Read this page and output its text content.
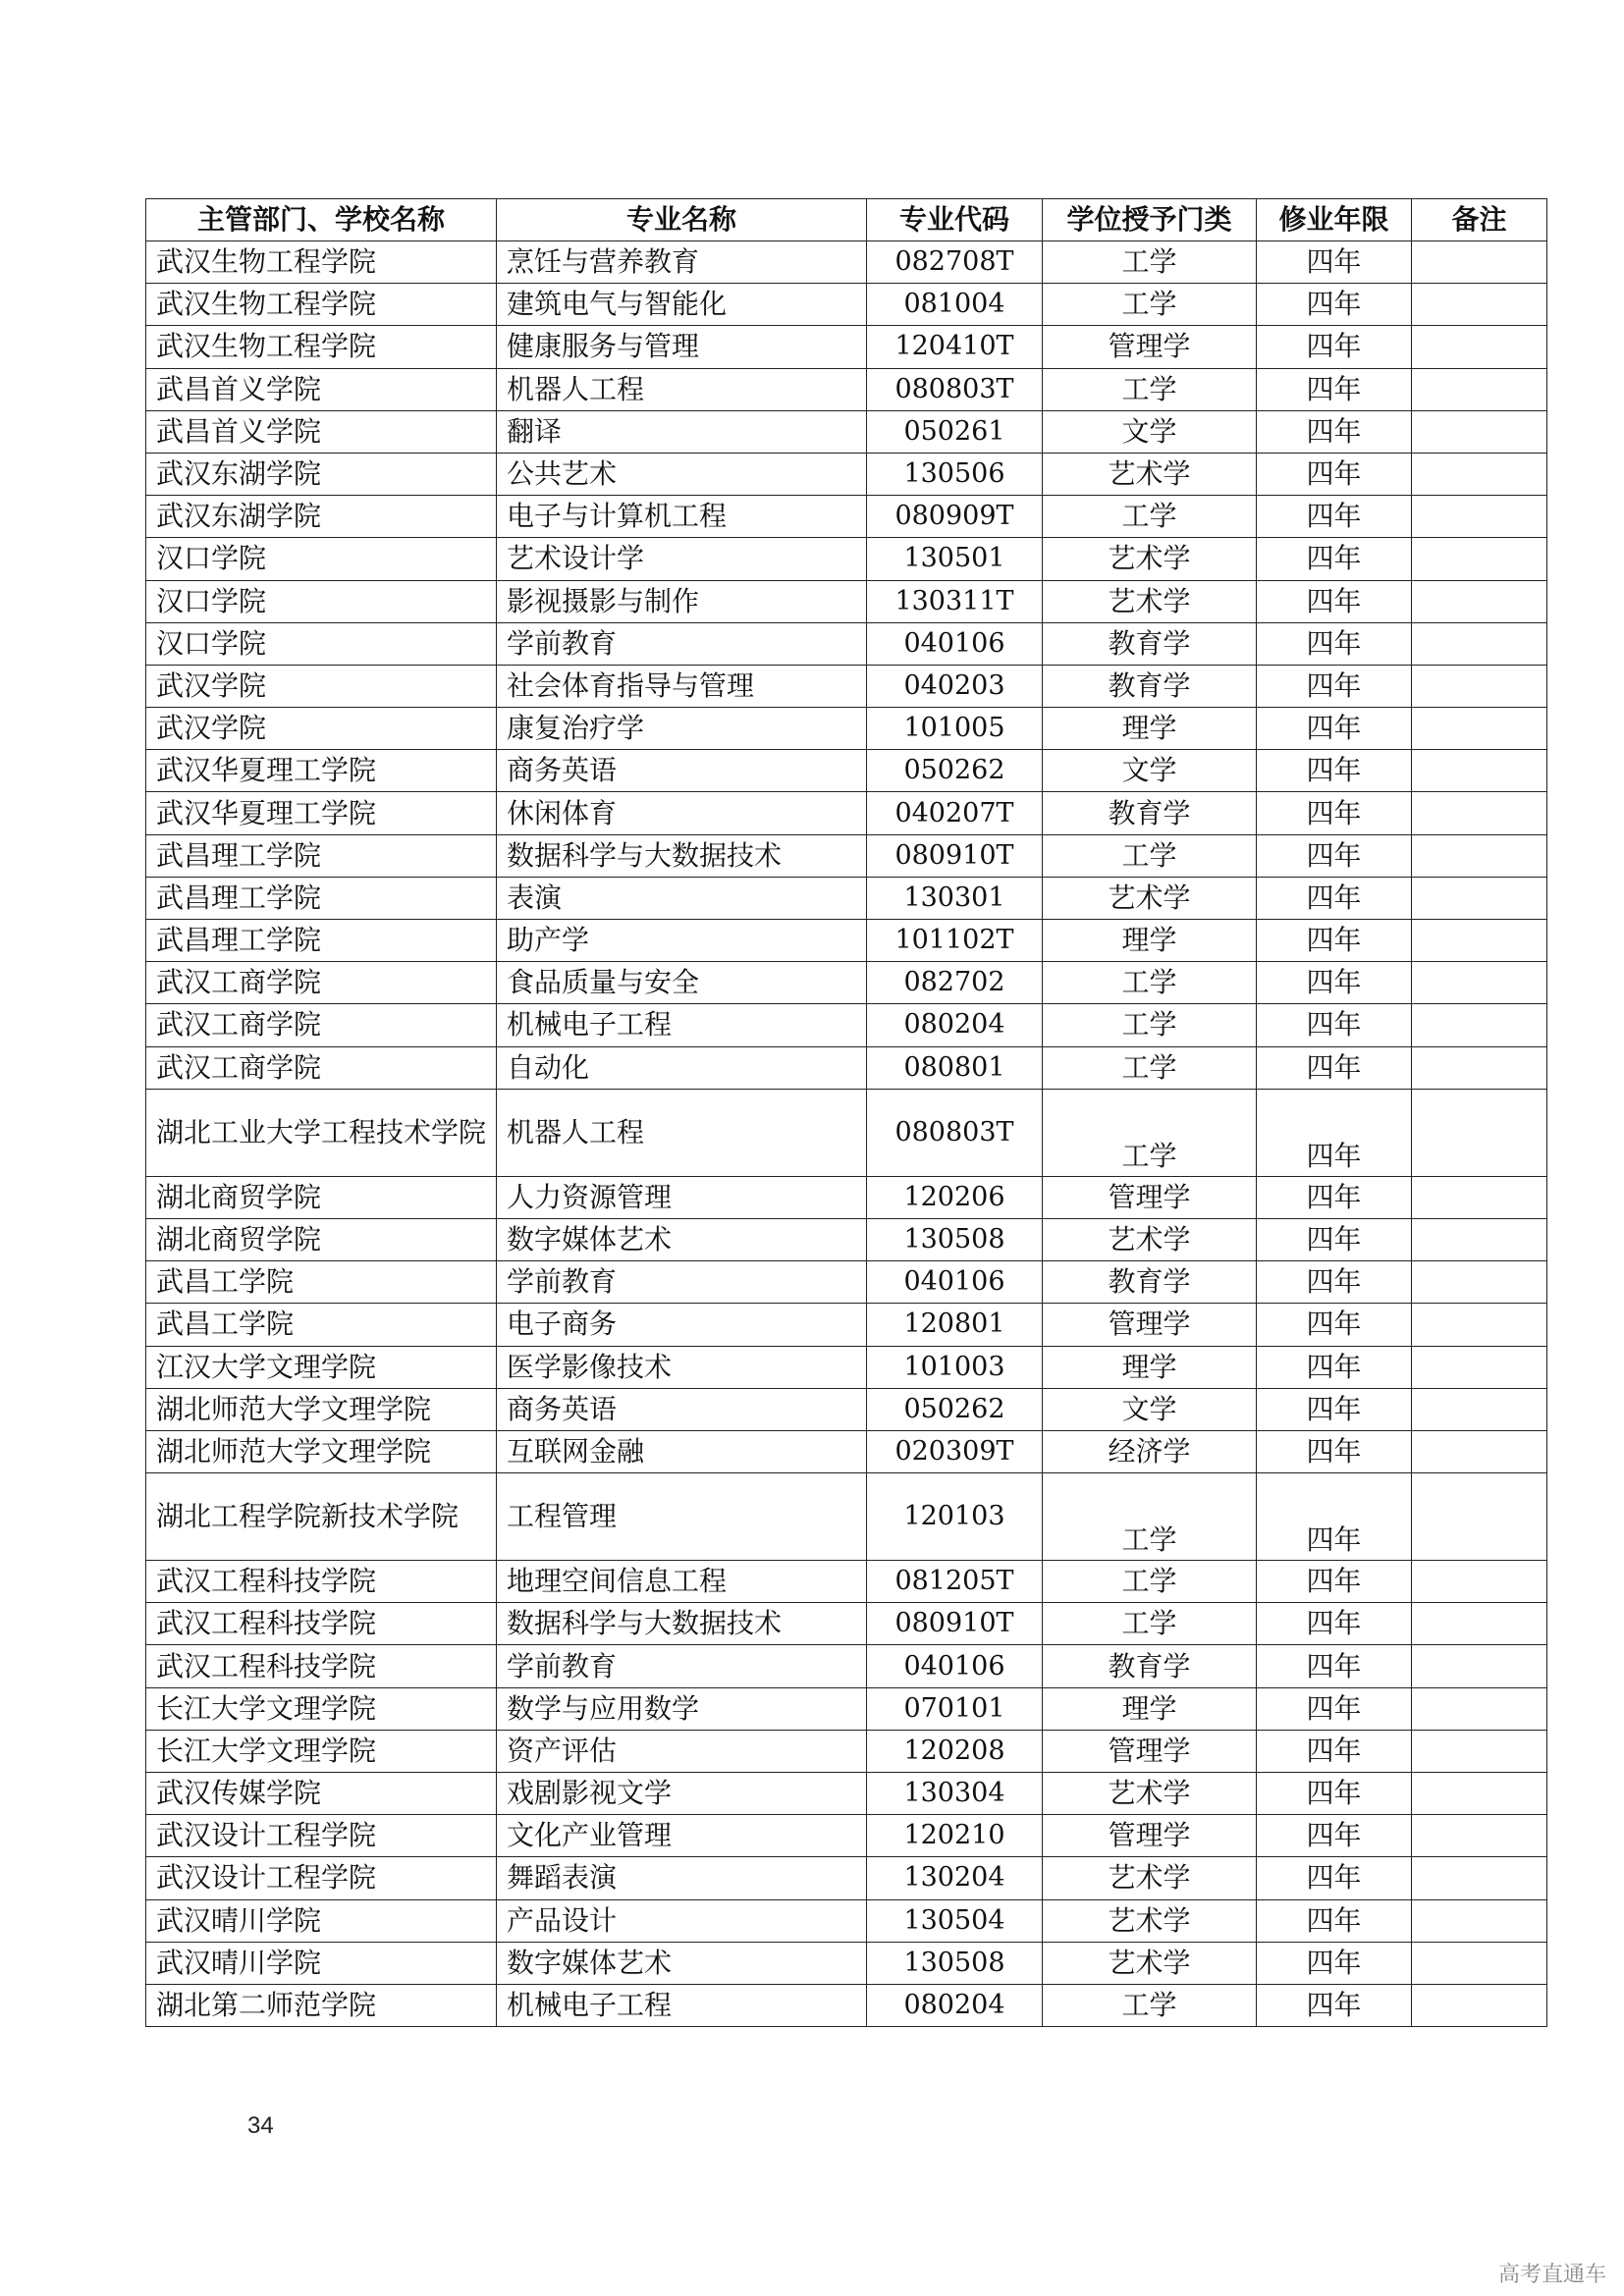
主管部门、学校名称	专业名称	专业代码	学位授予门类	修业年限	备注
武汉生物工程学院	烹饪与营养教育	082708T	工学	四年	
武汉生物工程学院	建筑电气与智能化	081004	工学	四年	
武汉生物工程学院	健康服务与管理	120410T	管理学	四年	
武昌首义学院	机器人工程	080803T	工学	四年	
武昌首义学院	翻译	050261	文学	四年	
武汉东湖学院	公共艺术	130506	艺术学	四年	
武汉东湖学院	电子与计算机工程	080909T	工学	四年	
汉口学院	艺术设计学	130501	艺术学	四年	
汉口学院	影视摄影与制作	130311T	艺术学	四年	
汉口学院	学前教育	040106	教育学	四年	
武汉学院	社会体育指导与管理	040203	教育学	四年	
武汉学院	康复治疗学	101005	理学	四年	
武汉华夏理工学院	商务英语	050262	文学	四年	
武汉华夏理工学院	休闲体育	040207T	教育学	四年	
武昌理工学院	数据科学与大数据技术	080910T	工学	四年	
武昌理工学院	表演	130301	艺术学	四年	
武昌理工学院	助产学	101102T	理学	四年	
武汉工商学院	食品质量与安全	082702	工学	四年	
武汉工商学院	机械电子工程	080204	工学	四年	
武汉工商学院	自动化	080801	工学	四年	
湖北工业大学工程技术学院	机器人工程	080803T	工学	四年	
湖北商贸学院	人力资源管理	120206	管理学	四年	
湖北商贸学院	数字媒体艺术	130508	艺术学	四年	
武昌工学院	学前教育	040106	教育学	四年	
武昌工学院	电子商务	120801	管理学	四年	
江汉大学文理学院	医学影像技术	101003	理学	四年	
湖北师范大学文理学院	商务英语	050262	文学	四年	
湖北师范大学文理学院	互联网金融	020309T	经济学	四年	
湖北工程学院新技术学院	工程管理	120103	工学	四年	
武汉工程科技学院	地理空间信息工程	081205T	工学	四年	
武汉工程科技学院	数据科学与大数据技术	080910T	工学	四年	
武汉工程科技学院	学前教育	040106	教育学	四年	
长江大学文理学院	数学与应用数学	070101	理学	四年	
长江大学文理学院	资产评估	120208	管理学	四年	
武汉传媒学院	戏剧影视文学	130304	艺术学	四年	
武汉设计工程学院	文化产业管理	120210	管理学	四年	
武汉设计工程学院	舞蹈表演	130204	艺术学	四年	
武汉晴川学院	产品设计	130504	艺术学	四年	
武汉晴川学院	数字媒体艺术	130508	艺术学	四年	
湖北第二师范学院	机械电子工程	080204	工学	四年	
34
高考直通车
